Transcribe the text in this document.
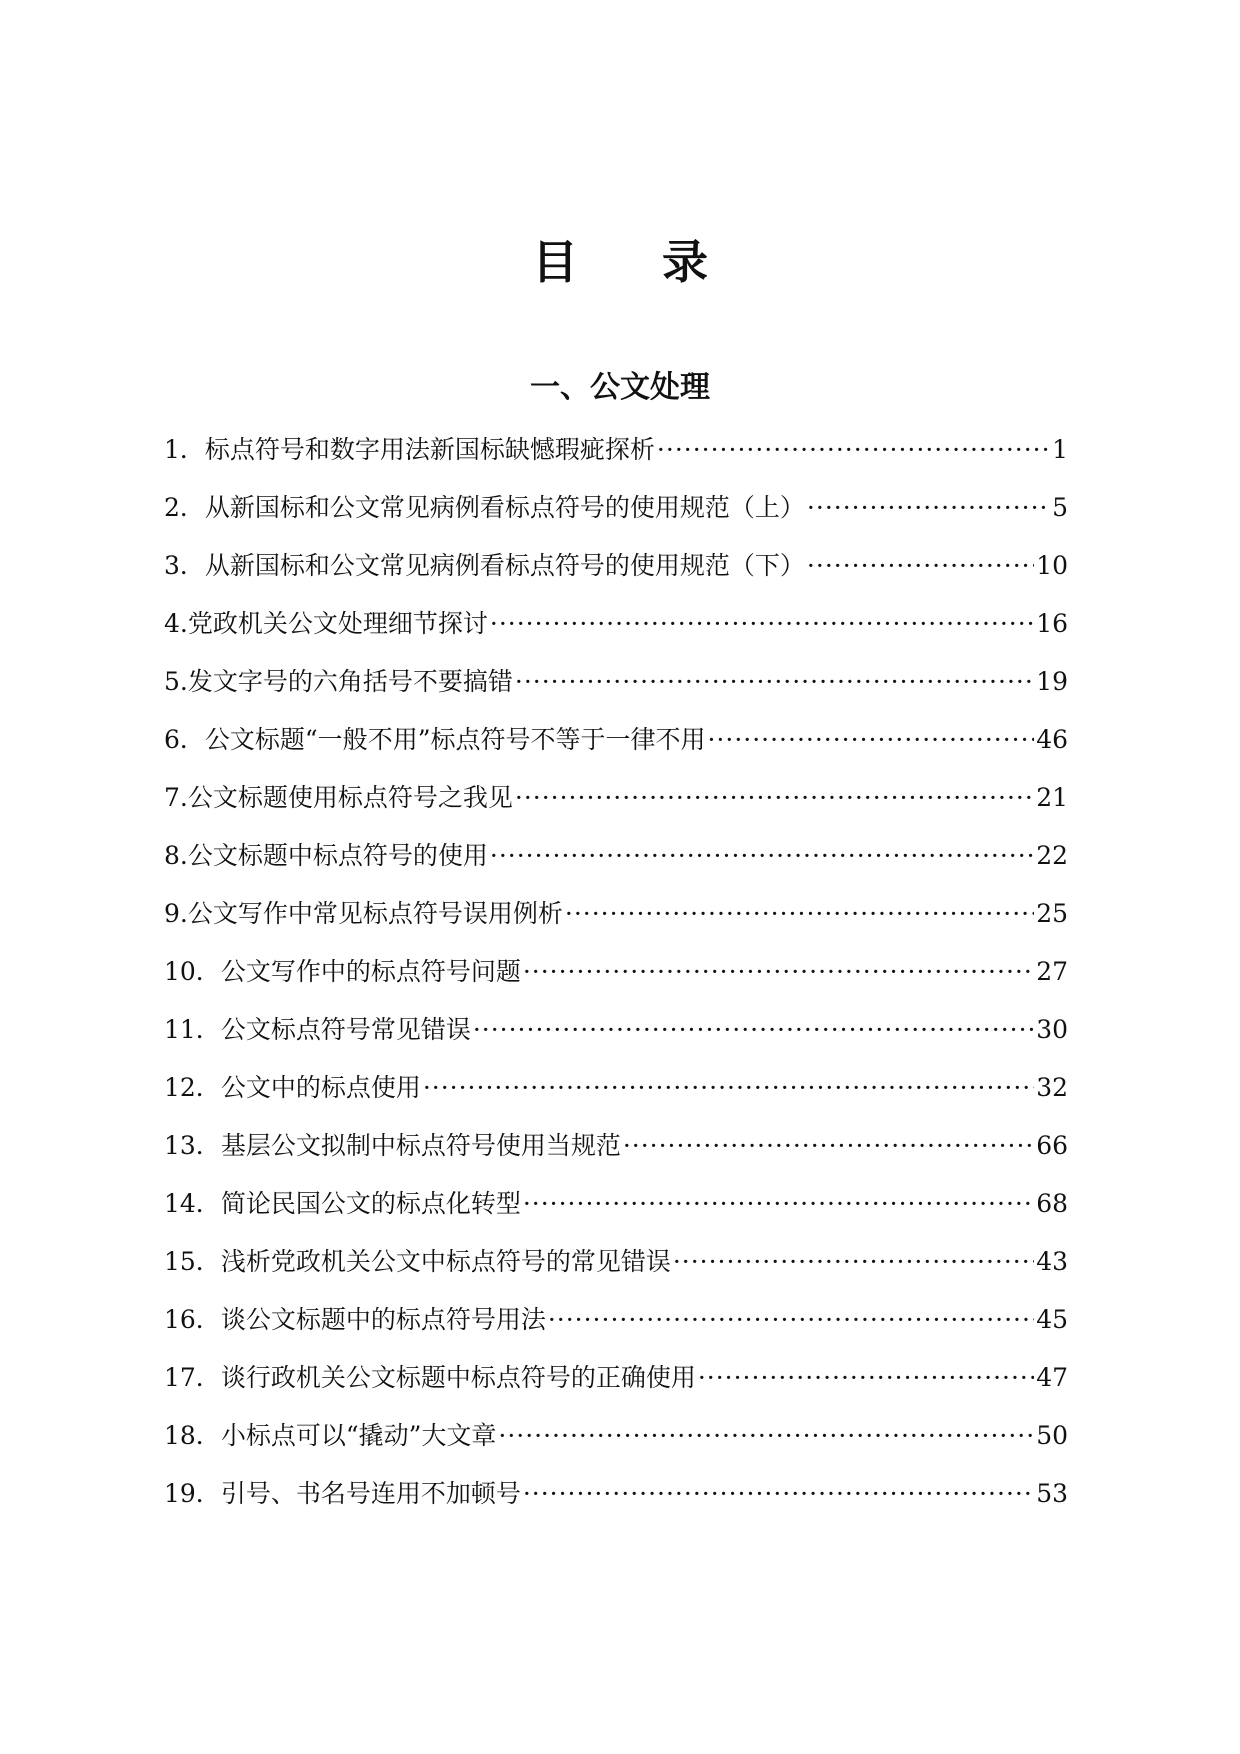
目 录
一、公文处理
1． 标点符号和数字用法新国标缺憾瑕疵探析 ·····	1
2． 从新国标和公文常见病例看标点符号的使用规范（上） ·····	5
3． 从新国标和公文常见病例看标点符号的使用规范（下） ·····	10
4. 党政机关公文处理细节探讨 ·····	16
5. 发文字号的六角括号不要搞错 ·····	19
6． 公文标题“一般不用”标点符号不等于一律不用 ·····	46
7. 公文标题使用标点符号之我见 ·····	21
8. 公文标题中标点符号的使用 ·····	22
9. 公文写作中常见标点符号误用例析 ·····	25
10． 公文写作中的标点符号问题 ·····	27
11． 公文标点符号常见错误 ·····	30
12． 公文中的标点使用 ·····	32
13． 基层公文拟制中标点符号使用当规范 ·····	66
14． 简论民国公文的标点化转型 ·····	68
15． 浅析党政机关公文中标点符号的常见错误 ·····	43
16． 谈公文标题中的标点符号用法 ·····	45
17． 谈行政机关公文标题中标点符号的正确使用 ·····	47
18． 小标点可以“撬动”大文章 ·····	50
19． 引号、书名号连用不加顿号 ·····	53
